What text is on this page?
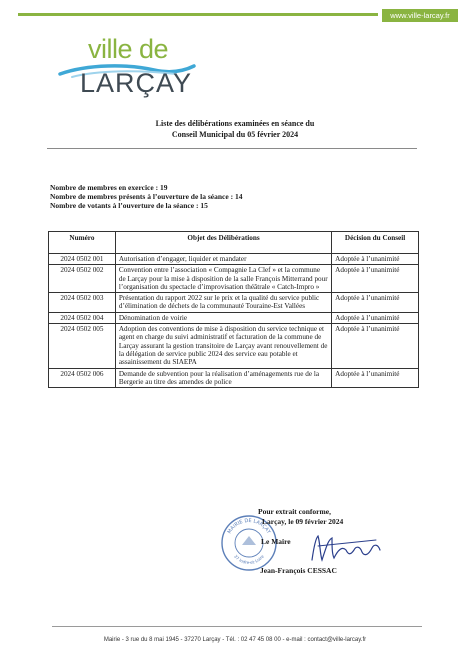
www.ville-larcay.fr
ville de
LARÇAY
Liste des délibérations examinées en séance du
Conseil Municipal du 05 février 2024
Nombre de membres en exercice : 19
Nombre de membres présents à l’ouverture de la séance : 14
Nombre de votants à l’ouverture de la séance : 15
Numéro	Objet des Délibérations	Décision du Conseil
2024 0502 001	Autorisation d’engager, liquider et mandater	Adoptée à l’unanimité
2024 0502 002	Convention entre l’association « Compagnie La Clef » et la commune de Larçay pour la mise à disposition de la salle François Mitterrand pour l’organisation du spectacle d’improvisation théâtrale « Catch-Impro »	Adoptée à l’unanimité
2024 0502 003	Présentation du rapport 2022 sur le prix et la qualité du service public d’élimination de déchets de la communauté Touraine-Est Vallées	Adoptée à l’unanimité
2024 0502 004	Dénomination de voirie	Adoptée à l’unanimité
2024 0502 005	Adoption des conventions de mise à disposition du service technique et agent en charge du suivi administratif et facturation de la commune de Larçay assurant la gestion transitoire de Larçay avant renouvellement de la délégation de service public 2024 des service eau potable et assainissement du SIAEPA	Adoptée à l’unanimité
2024 0502 006	Demande de subvention pour la réalisation d’aménagements rue de la Bergerie au titre des amendes de police	Adoptée à l’unanimité
MAIRIE DE LARÇAY
37 Indre-et-Loire
Pour extrait conforme,
Larçay, le 09 février 2024
Le Maire
Jean-François CESSAC
Mairie - 3 rue du 8 mai 1945 - 37270 Larçay - Tél. : 02 47 45 08 00 - e-mail : contact@ville-larcay.fr
